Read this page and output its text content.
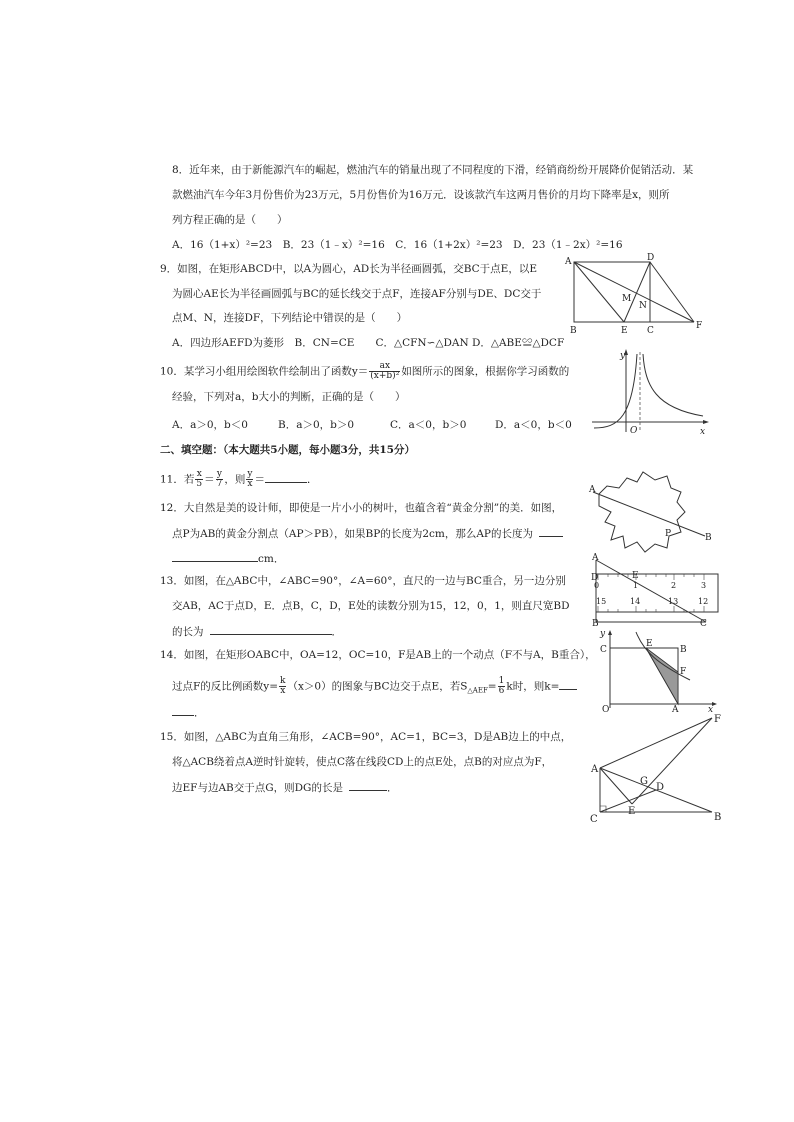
8．近年来，由于新能源汽车的崛起，燃油汽车的销量出现了不同程度的下滑，经销商纷纷开展降价促销活动．某
款燃油汽车今年3月份售价为23万元，5月份售价为16万元．设该款汽车这两月售价的月均下降率是x，则所
列方程正确的是（　　）
A．16（1+x）²=23　B．23（1﹣x）²=16　C．16（1+2x）²=23　D．23（1﹣2x）²=16
9．如图，在矩形ABCD中，以A为圆心，AD长为半径画圆弧，交BC于点E，以E
为圆心AE长为半径画圆弧与BC的延长线交于点F，连接AF分别与DE、DC交于
点M、N，连接DF，下列结论中错误的是（　　）
A．四边形AEFD为菱形　B．CN=CE　　C．△CFN∽△DAN D．△ABE≌△DCF
A	D
B	E C	F
M
N
10．某学习小组用绘图软件绘制出了函数$y= \frac{ax}{\text{(x+b)²}}$ 如图所示的图象，根据你学习函数的
经验，下列对a，b大小的判断，正确的是（　　）
A．a＞0，b＜0	B．a＞0，b＞0	C．a＜0，b＞0	D．a＜0，b＜0
y
O	x
二、填空题：（本大题共5小题，每小题3分，共15分）
11．若 $\frac{x}{5} = \frac{y}{7}$ ，则 $\frac{y}{x}$ ＝	．
12．大自然是美的设计师，即使是一片小小的树叶，也蕴含着“黄金分割”的美．如图，
点P为AB的黄金分割点（AP＞PB），如果BP的长度为2cm，那么AP的长度为
cm．
A
P	B
13．如图，在△ABC中，∠ABC=90°，∠A=60°，直尺的一边与BC重合，另一边分别
交AB，AC于点D，E．点B，C，D，E处的读数分别为15，12，0，1，则直尺宽BD
的长为	．
0	1	2	3
15	14	13 12
A
D	E
B	C
14．如图，在矩形OABC中，OA=12，OC=10，F是AB上的一个动点（F不与A，B重合），
过点F的反比例函数$y= \frac{k}{x} (x>0)$的图象与BC边交于点E，若$S_{\triangle AEF}= \frac{1}{6}$ k时，则k=
．
y
C
E
B
F
O	A	x
15．如图，△ABC为直角三角形，∠ACB=90°，AC=1，BC=3，D是AB边上的中点，
将△ACB绕着点A逆时针旋转，使点C落在线段CD上的点E处，点B的对应点为F，
边EF与边AB交于点G，则DG的长是	．
F
A
G
D
E
C	B
